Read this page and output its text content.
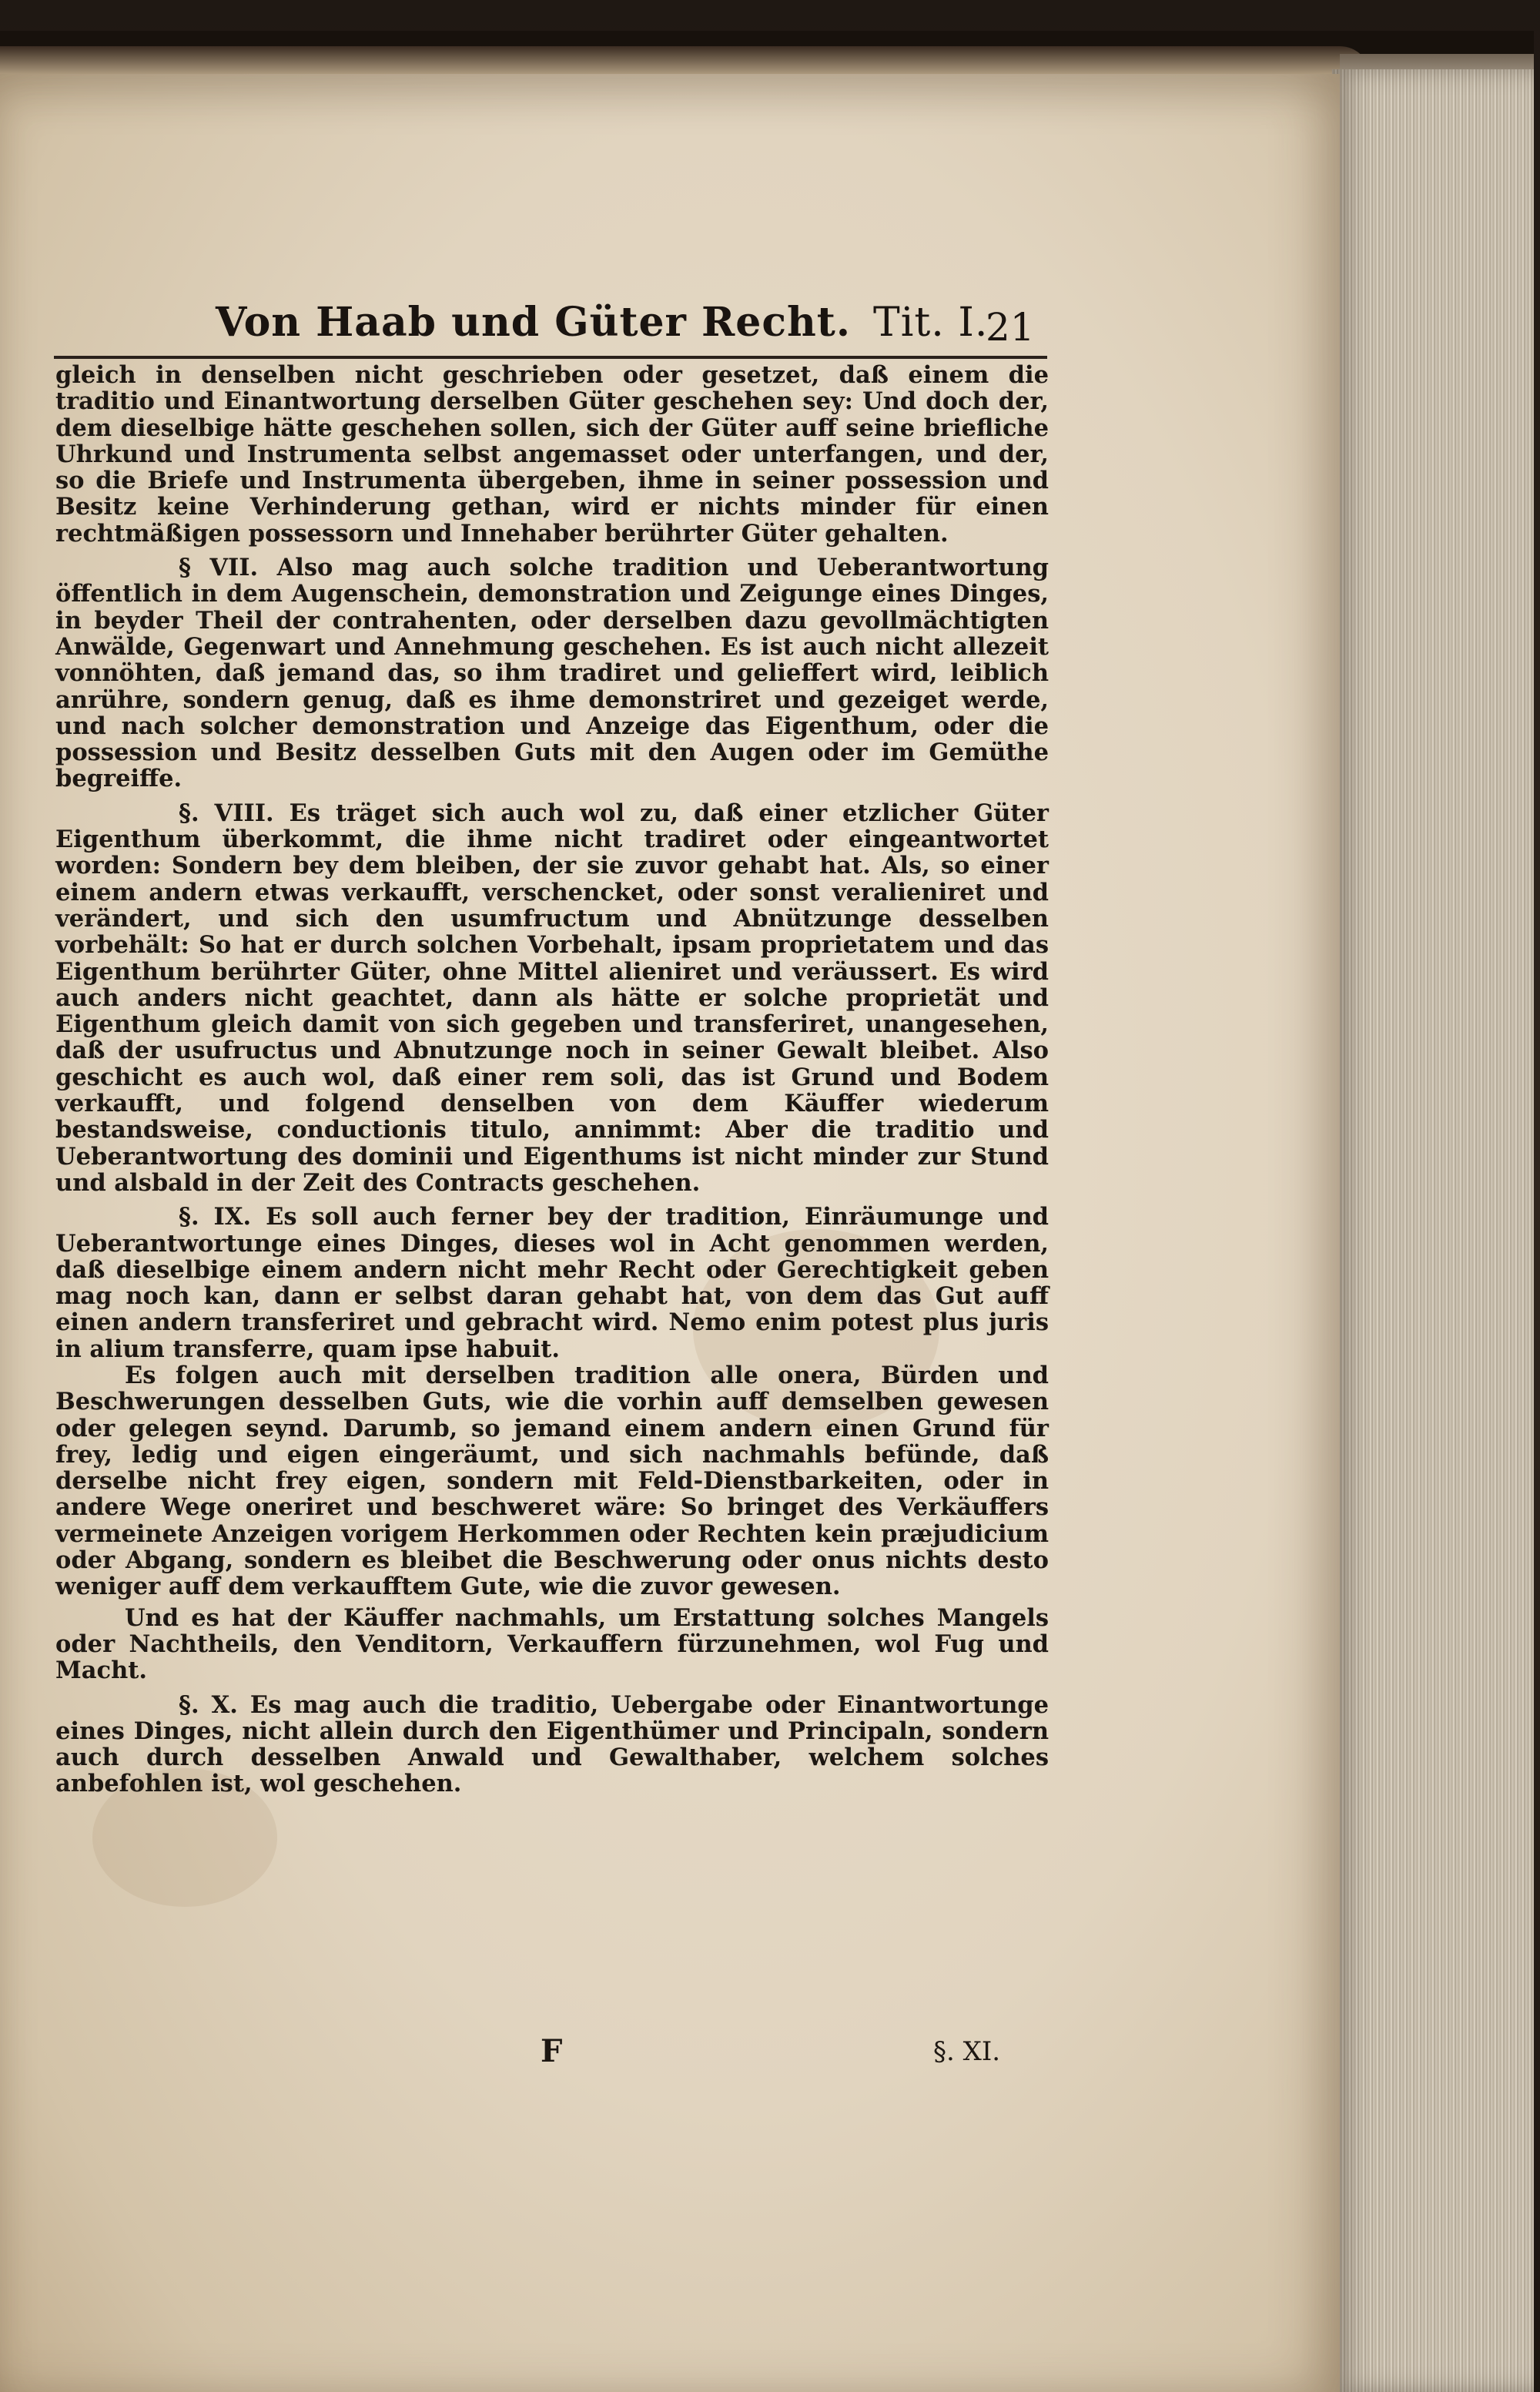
Von Haab und Güter Recht. Tit. I.
21

gleich in denselben nicht geschrieben oder gesetzet, daß einem die traditio und Einantwortung derselben Güter geschehen sey: Und doch der, dem dieselbige hätte geschehen sollen, sich der Güter auff seine briefliche Uhrkund und Instrumenta selbst angemasset oder unterfangen, und der, so die Briefe und Instrumenta übergeben, ihme in seiner possession und Besitz keine Verhinderung gethan, wird er nichts minder für einen rechtmäßigen possessorn und Innehaber berührter Güter gehalten.

§ VII. Also mag auch solche tradition und Ueberantwortung öffentlich in dem Augenschein, demonstration und Zeigunge eines Dinges, in beyder Theil der contrahenten, oder derselben dazu gevollmächtigten Anwälde, Gegenwart und Annehmung geschehen. Es ist auch nicht allezeit vonnöhten, daß jemand das, so ihm tradiret und gelieffert wird, leiblich anrühre, sondern genug, daß es ihme demonstriret und gezeiget werde, und nach solcher demonstration und Anzeige das Eigenthum, oder die possession und Besitz desselben Guts mit den Augen oder im Gemüthe begreiffe.

§. VIII. Es träget sich auch wol zu, daß einer etzlicher Güter Eigenthum überkommt, die ihme nicht tradiret oder eingeantwortet worden: Sondern bey dem bleiben, der sie zuvor gehabt hat. Als, so einer einem andern etwas verkaufft, verschencket, oder sonst veralieniret und verändert, und sich den usumfructum und Abnützunge desselben vorbehält: So hat er durch solchen Vorbehalt, ipsam proprietatem und das Eigenthum berührter Güter, ohne Mittel alieniret und veräussert. Es wird auch anders nicht geachtet, dann als hätte er solche proprietät und Eigenthum gleich damit von sich gegeben und transferiret, unangesehen, daß der usufructus und Abnutzunge noch in seiner Gewalt bleibet. Also geschicht es auch wol, daß einer rem soli, das ist Grund und Bodem verkaufft, und folgend denselben von dem Käuffer wiederum bestandsweise, conductionis titulo, annimmt: Aber die traditio und Ueberantwortung des dominii und Eigenthums ist nicht minder zur Stund und alsbald in der Zeit des Contracts geschehen.

§. IX. Es soll auch ferner bey der tradition, Einräumunge und Ueberantwortunge eines Dinges, dieses wol in Acht genommen werden, daß dieselbige einem andern nicht mehr Recht oder Gerechtigkeit geben mag noch kan, dann er selbst daran gehabt hat, von dem das Gut auff einen andern transferiret und gebracht wird. Nemo enim potest plus juris in alium transferre, quam ipse habuit.

Es folgen auch mit derselben tradition alle onera, Bürden und Beschwerungen desselben Guts, wie die vorhin auff demselben gewesen oder gelegen seynd. Darumb, so jemand einem andern einen Grund für frey, ledig und eigen eingeräumt, und sich nachmahls befünde, daß derselbe nicht frey eigen, sondern mit Feld-Dienstbarkeiten, oder in andere Wege oneriret und beschweret wäre: So bringet des Verkäuffers vermeinete Anzeigen vorigem Herkommen oder Rechten kein præjudicium oder Abgang, sondern es bleibet die Beschwerung oder onus nichts desto weniger auff dem verkaufftem Gute, wie die zuvor gewesen.

Und es hat der Käuffer nachmahls, um Erstattung solches Mangels oder Nachtheils, den Venditorn, Verkauffern fürzunehmen, wol Fug und Macht.

§. X. Es mag auch die traditio, Uebergabe oder Einantwortunge eines Dinges, nicht allein durch den Eigenthümer und Principaln, sondern auch durch desselben Anwald und Gewalthaber, welchem solches anbefohlen ist, wol geschehen.

F	§. XI.
